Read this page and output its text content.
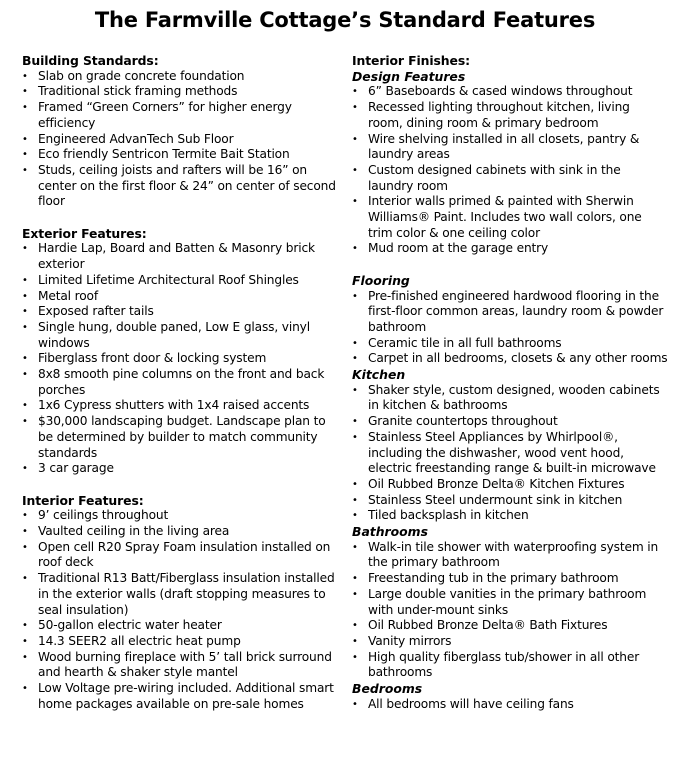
The Farmville Cottage’s Standard Features
Building Standards:
• Slab on grade concrete foundation
• Traditional stick framing methods
• Framed “Green Corners” for higher energy efficiency
• Engineered AdvanTech Sub Floor
• Eco friendly Sentricon Termite Bait Station
• Studs, ceiling joists and rafters will be 16” on center on the first floor & 24” on center of second floor
Exterior Features:
• Hardie Lap, Board and Batten & Masonry brick exterior
• Limited Lifetime Architectural Roof Shingles
• Metal roof
• Exposed rafter tails
• Single hung, double paned, Low E glass, vinyl windows
• Fiberglass front door & locking system
• 8x8 smooth pine columns on the front and back porches
• 1x6 Cypress shutters with 1x4 raised accents
• $30,000 landscaping budget. Landscape plan to be determined by builder to match community standards
• 3 car garage
Interior Features:
• 9’ ceilings throughout
• Vaulted ceiling in the living area
• Open cell R20 Spray Foam insulation installed on roof deck
• Traditional R13 Batt/Fiberglass insulation installed in the exterior walls (draft stopping measures to seal insulation)
• 50-gallon electric water heater
• 14.3 SEER2 all electric heat pump
• Wood burning fireplace with 5’ tall brick surround and hearth & shaker style mantel
• Low Voltage pre-wiring included. Additional smart home packages available on pre-sale homes
Interior Finishes:
Design Features
• 6” Baseboards & cased windows throughout
• Recessed lighting throughout kitchen, living room, dining room & primary bedroom
• Wire shelving installed in all closets, pantry & laundry areas
• Custom designed cabinets with sink in the laundry room
• Interior walls primed & painted with Sherwin Williams® Paint. Includes two wall colors, one trim color & one ceiling color
• Mud room at the garage entry
Flooring
• Pre-finished engineered hardwood flooring in the first-floor common areas, laundry room & powder bathroom
• Ceramic tile in all full bathrooms
• Carpet in all bedrooms, closets & any other rooms
Kitchen
• Shaker style, custom designed, wooden cabinets in kitchen & bathrooms
• Granite countertops throughout
• Stainless Steel Appliances by Whirlpool®, including the dishwasher, wood vent hood, electric freestanding range & built-in microwave
• Oil Rubbed Bronze Delta® Kitchen Fixtures
• Stainless Steel undermount sink in kitchen
• Tiled backsplash in kitchen
Bathrooms
• Walk-in tile shower with waterproofing system in the primary bathroom
• Freestanding tub in the primary bathroom
• Large double vanities in the primary bathroom with under-mount sinks
• Oil Rubbed Bronze Delta® Bath Fixtures
• Vanity mirrors
• High quality fiberglass tub/shower in all other bathrooms
Bedrooms
• All bedrooms will have ceiling fans
